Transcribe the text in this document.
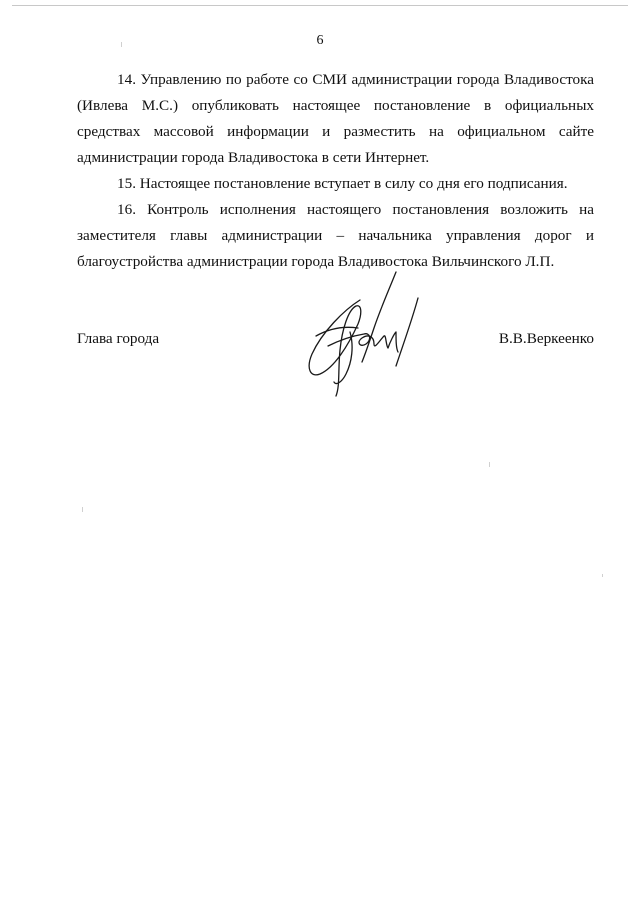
6
14. Управлению по работе со СМИ администрации города Владивостока (Ивлева М.С.) опубликовать настоящее постановление в официальных средствах массовой информации и разместить на официальном сайте администрации города Владивостока в сети Интернет.
15. Настоящее постановление вступает в силу со дня его подписания.
16. Контроль исполнения настоящего постановления возложить на заместителя главы администрации – начальника управления дорог и благоустройства администрации города Владивостока Вильчинского Л.П.
Глава города	В.В.Веркеенко
